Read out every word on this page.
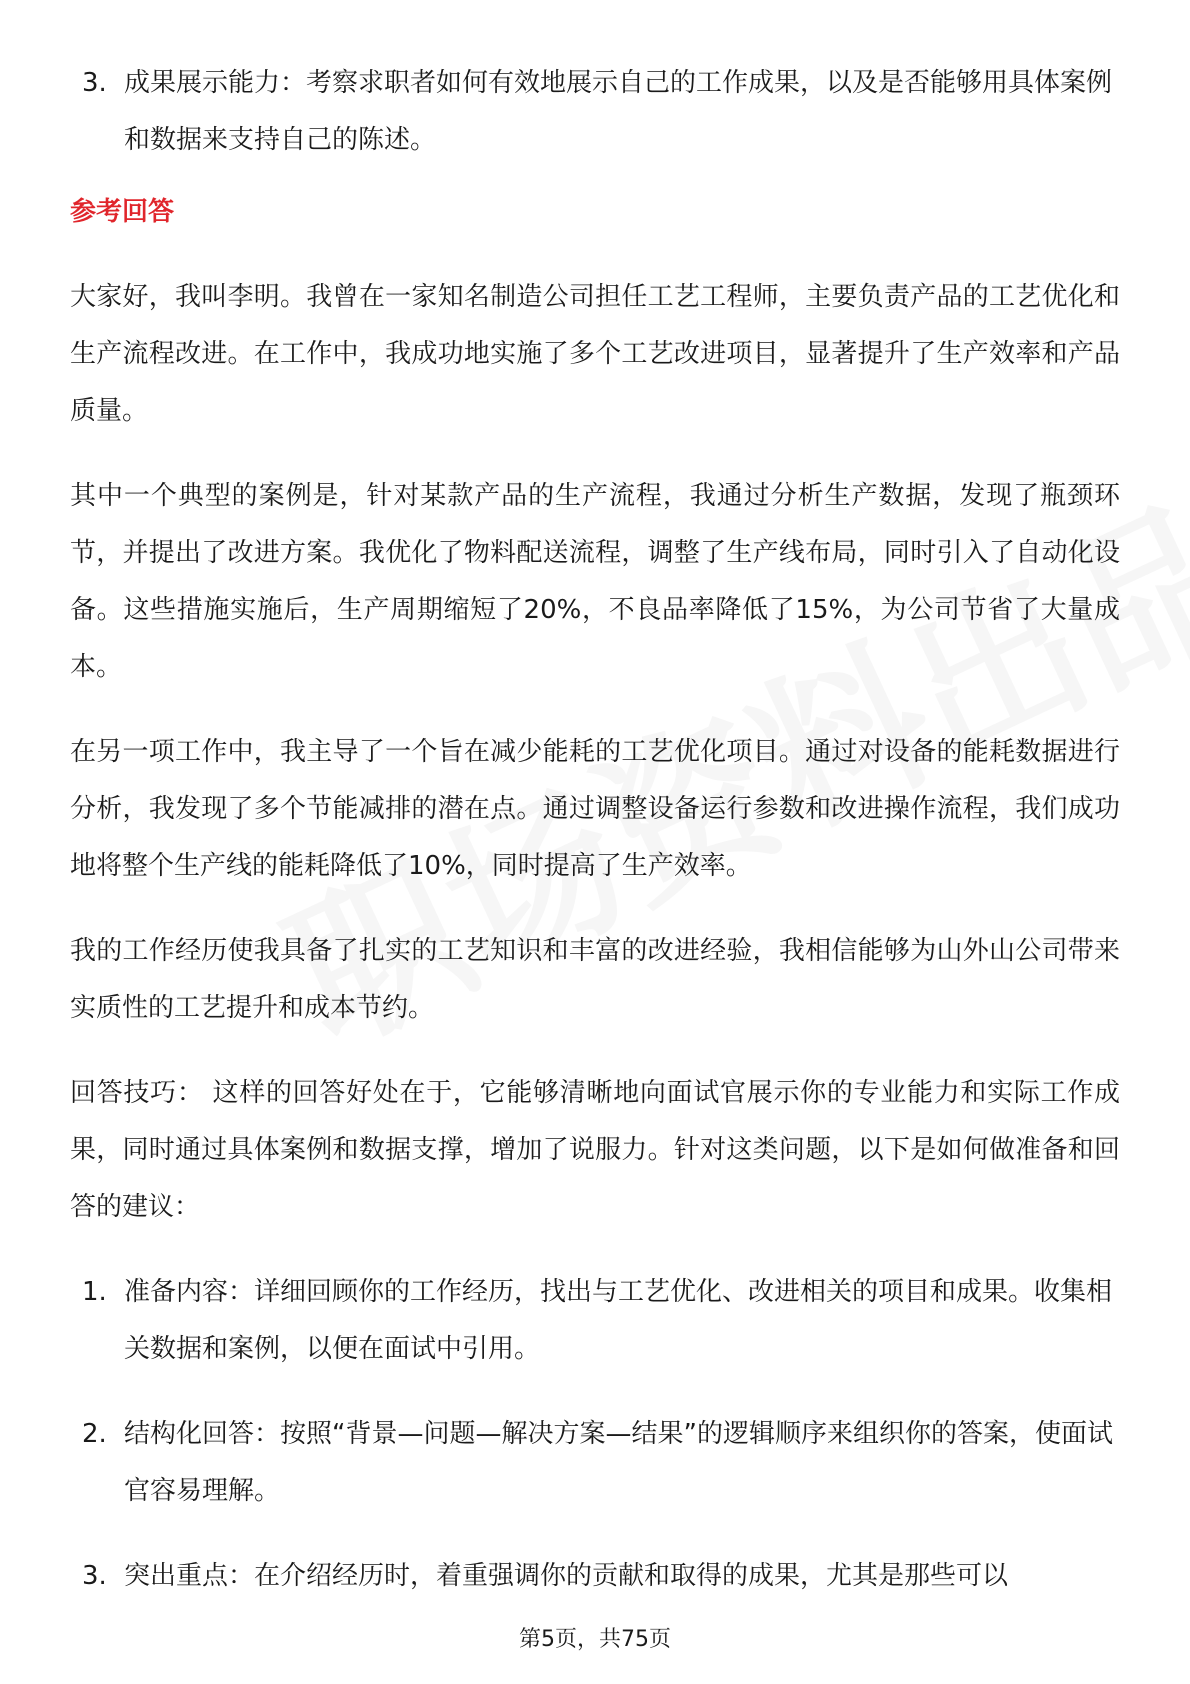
3. 成果展示能力：考察求职者如何有效地展示自己的工作成果，以及是否能够用具体案例和数据来支持自己的陈述。
参考回答
大家好，我叫李明。我曾在一家知名制造公司担任工艺工程师，主要负责产品的工艺优化和生产流程改进。在工作中，我成功地实施了多个工艺改进项目，显著提升了生产效率和产品质量。
其中一个典型的案例是，针对某款产品的生产流程，我通过分析生产数据，发现了瓶颈环节，并提出了改进方案。我优化了物料配送流程，调整了生产线布局，同时引入了自动化设备。这些措施实施后，生产周期缩短了20%，不良品率降低了15%，为公司节省了大量成本。
在另一项工作中，我主导了一个旨在减少能耗的工艺优化项目。通过对设备的能耗数据进行分析，我发现了多个节能减排的潜在点。通过调整设备运行参数和改进操作流程，我们成功地将整个生产线的能耗降低了10%，同时提高了生产效率。
我的工作经历使我具备了扎实的工艺知识和丰富的改进经验，我相信能够为山外山公司带来实质性的工艺提升和成本节约。
回答技巧： 这样的回答好处在于，它能够清晰地向面试官展示你的专业能力和实际工作成果，同时通过具体案例和数据支撑，增加了说服力。针对这类问题，以下是如何做准备和回答的建议：
1. 准备内容：详细回顾你的工作经历，找出与工艺优化、改进相关的项目和成果。收集相关数据和案例，以便在面试中引用。
2. 结构化回答：按照“背景—问题—解决方案—结果”的逻辑顺序来组织你的答案，使面试官容易理解。
3. 突出重点：在介绍经历时，着重强调你的贡献和取得的成果，尤其是那些可以
第5页，共75页
